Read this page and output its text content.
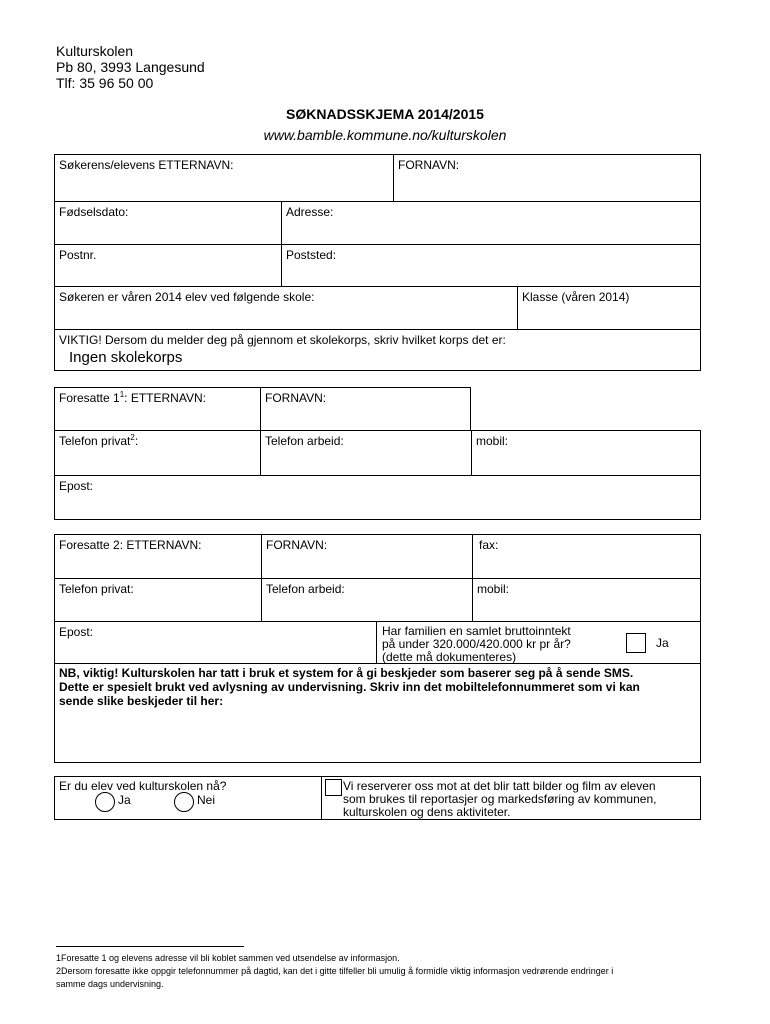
Kulturskolen
Pb 80, 3993 Langesund
Tlf: 35 96 50 00
SØKNADSSKJEMA 2014/2015
www.bamble.kommune.no/kulturskolen
Søkerens/elevens ETTERNAVN:	FORNAVN:
Fødselsdato:	Adresse:
Postnr.	Poststed:
Søkeren er våren 2014 elev ved følgende skole:	Klasse (våren 2014)
VIKTIG! Dersom du melder deg på gjennom et skolekorps, skriv hvilket korps det er:
Ingen skolekorps
Foresatte $1^1$: ETTERNAVN:	FORNAVN:
Telefon privat$^2$:	Telefon arbeid:	mobil:
Epost:
Foresatte 2: ETTERNAVN:	FORNAVN:	fax:
Telefon privat:	Telefon arbeid:	mobil:
Epost:	Har familien en samlet bruttoinntekt
på under 320.000/420.000 kr pr år?
(dette må dokumenteres)
Ja
NB, viktig! Kulturskolen har tatt i bruk et system for å gi beskjeder som baserer seg på å sende SMS.
Dette er spesielt brukt ved avlysning av undervisning. Skriv inn det mobiltelefonnummeret som vi kan
sende slike beskjeder til her:
Er du elev ved kulturskolen nå?
Ja	Nei
Vi reserverer oss mot at det blir tatt bilder og film av eleven
som brukes til reportasjer og markedsføring av kommunen,
kulturskolen og dens aktiviteter.
1Foresatte 1 og elevens adresse vil bli koblet sammen ved utsendelse av informasjon.
2Dersom foresatte ikke oppgir telefonnummer på dagtid, kan det i gitte tilfeller bli umulig å formidle viktig informasjon vedrørende endringer i
samme dags undervisning.
